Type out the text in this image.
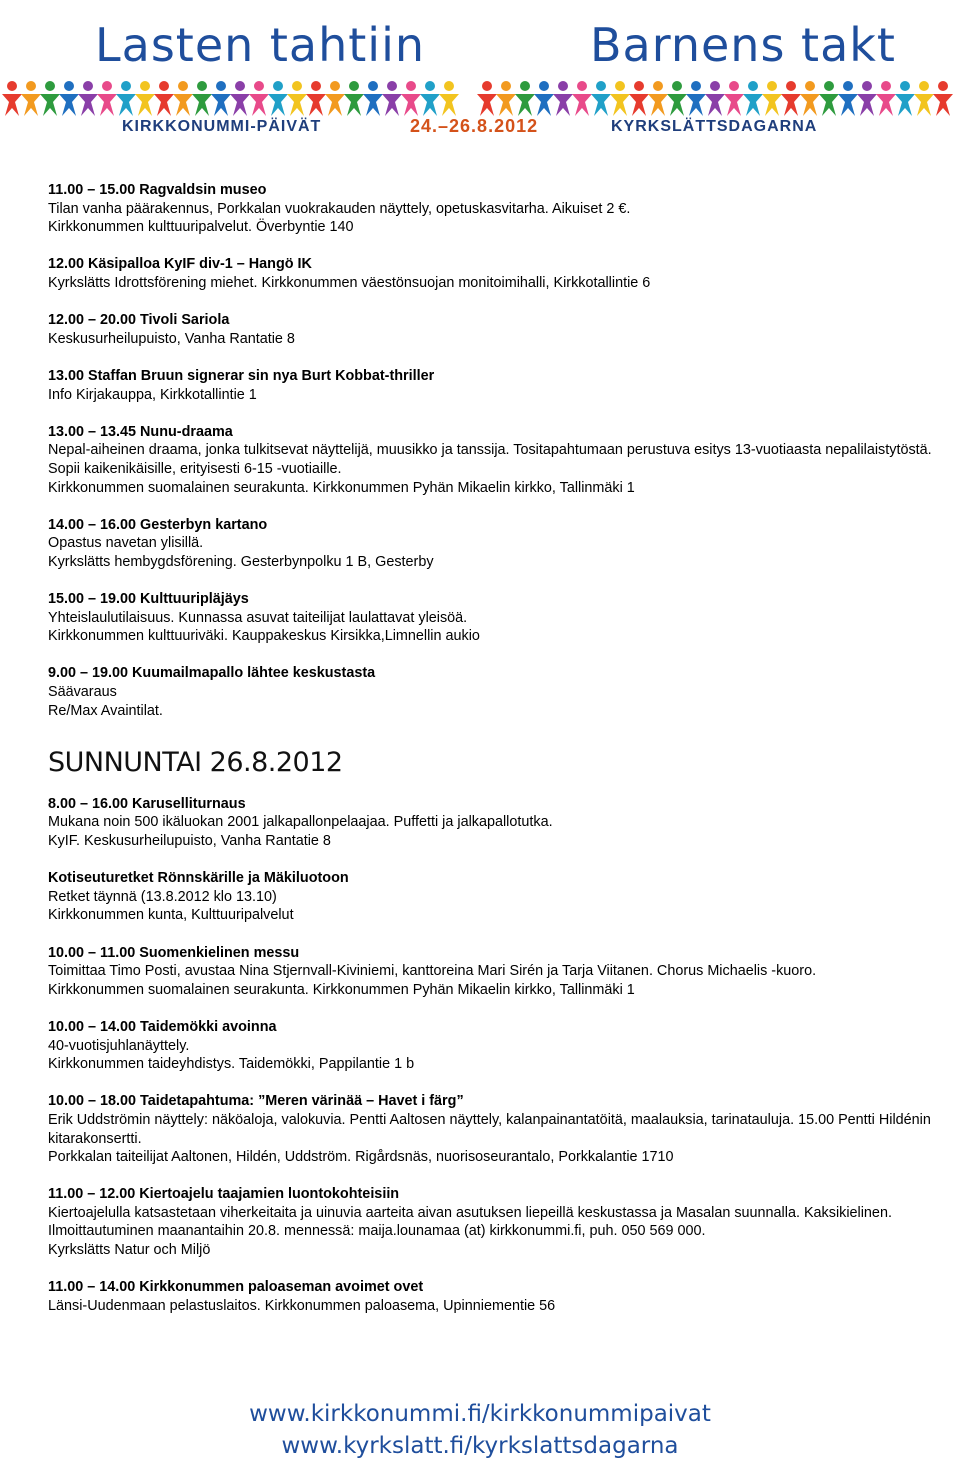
Lasten tahtiin	Barnens takt
KIRKKONUMMI-PÄIVÄT	24.–26.8.2012	KYRKSLÄTTSDAGARNA
11.00 – 15.00 Ragvaldsin museo
Tilan vanha päärakennus, Porkkalan vuokrakauden näyttely, opetuskasvitarha. Aikuiset 2 €.
Kirkkonummen kulttuuripalvelut. Överbyntie 140
12.00 Käsipalloa KyIF div-1 – Hangö IK
Kyrkslätts Idrottsförening miehet. Kirkkonummen väestönsuojan monitoimihalli, Kirkkotallintie 6
12.00 – 20.00 Tivoli Sariola
Keskusurheilupuisto, Vanha Rantatie 8
13.00 Staffan Bruun signerar sin nya Burt Kobbat-thriller
Info Kirjakauppa, Kirkkotallintie 1
13.00 – 13.45 Nunu-draama
Nepal-aiheinen draama, jonka tulkitsevat näyttelijä, muusikko ja tanssija. Tositapahtumaan perustuva esitys 13-vuotiaasta nepalilaistytöstä. Sopii kaikenikäisille, erityisesti 6-15 -vuotiaille.
Kirkkonummen suomalainen seurakunta. Kirkkonummen Pyhän Mikaelin kirkko, Tallinmäki 1
14.00 – 16.00 Gesterbyn kartano
Opastus navetan ylisillä.
Kyrkslätts hembygdsförening. Gesterbynpolku 1 B, Gesterby
15.00 – 19.00 Kulttuuripläjäys
Yhteislaulutilaisuus. Kunnassa asuvat taiteilijat laulattavat yleisöä.
Kirkkonummen kulttuuriväki. Kauppakeskus Kirsikka,Limnellin aukio
9.00 – 19.00 Kuumailmapallo lähtee keskustasta
Säävaraus
Re/Max Avaintilat.
SUNNUNTAI 26.8.2012
8.00 – 16.00 Karuselliturnaus
Mukana noin 500 ikäluokan 2001 jalkapallonpelaajaa. Puffetti ja jalkapallotutka.
KyIF. Keskusurheilupuisto, Vanha Rantatie 8
Kotiseuturetket Rönnskärille ja Mäkiluotoon
Retket täynnä (13.8.2012 klo 13.10)
Kirkkonummen kunta, Kulttuuripalvelut
10.00 – 11.00 Suomenkielinen messu
Toimittaa Timo Posti, avustaa Nina Stjernvall-Kiviniemi, kanttoreina Mari Sirén ja Tarja Viitanen. Chorus Michaelis -kuoro.
Kirkkonummen suomalainen seurakunta. Kirkkonummen Pyhän Mikaelin kirkko, Tallinmäki 1
10.00 – 14.00 Taidemökki avoinna
40-vuotisjuhlanäyttely.
Kirkkonummen taideyhdistys. Taidemökki, Pappilantie 1 b
10.00 – 18.00 Taidetapahtuma: ”Meren värinää – Havet i färg”
Erik Uddströmin näyttely: näköaloja, valokuvia. Pentti Aaltosen näyttely, kalanpainantatöitä, maalauksia, tarinatauluja. 15.00 Pentti Hildénin kitarakonsertti.
Porkkalan taiteilijat Aaltonen, Hildén, Uddström. Rigårdsnäs, nuorisoseurantalo, Porkkalantie 1710
11.00 – 12.00 Kiertoajelu taajamien luontokohteisiin
Kiertoajelulla katsastetaan viherkeitaita ja uinuvia aarteita aivan asutuksen liepeillä keskustassa ja Masalan suunnalla. Kaksikielinen. Ilmoittautuminen maanantaihin 20.8. mennessä: maija.lounamaa (at) kirkkonummi.fi, puh. 050 569 000.
Kyrkslätts Natur och Miljö
11.00 – 14.00 Kirkkonummen paloaseman avoimet ovet
Länsi-Uudenmaan pelastuslaitos. Kirkkonummen paloasema, Upinniementie 56
www.kirkkonummi.fi/kirkkonummipaivat
www.kyrkslatt.fi/kyrkslattsdagarna
